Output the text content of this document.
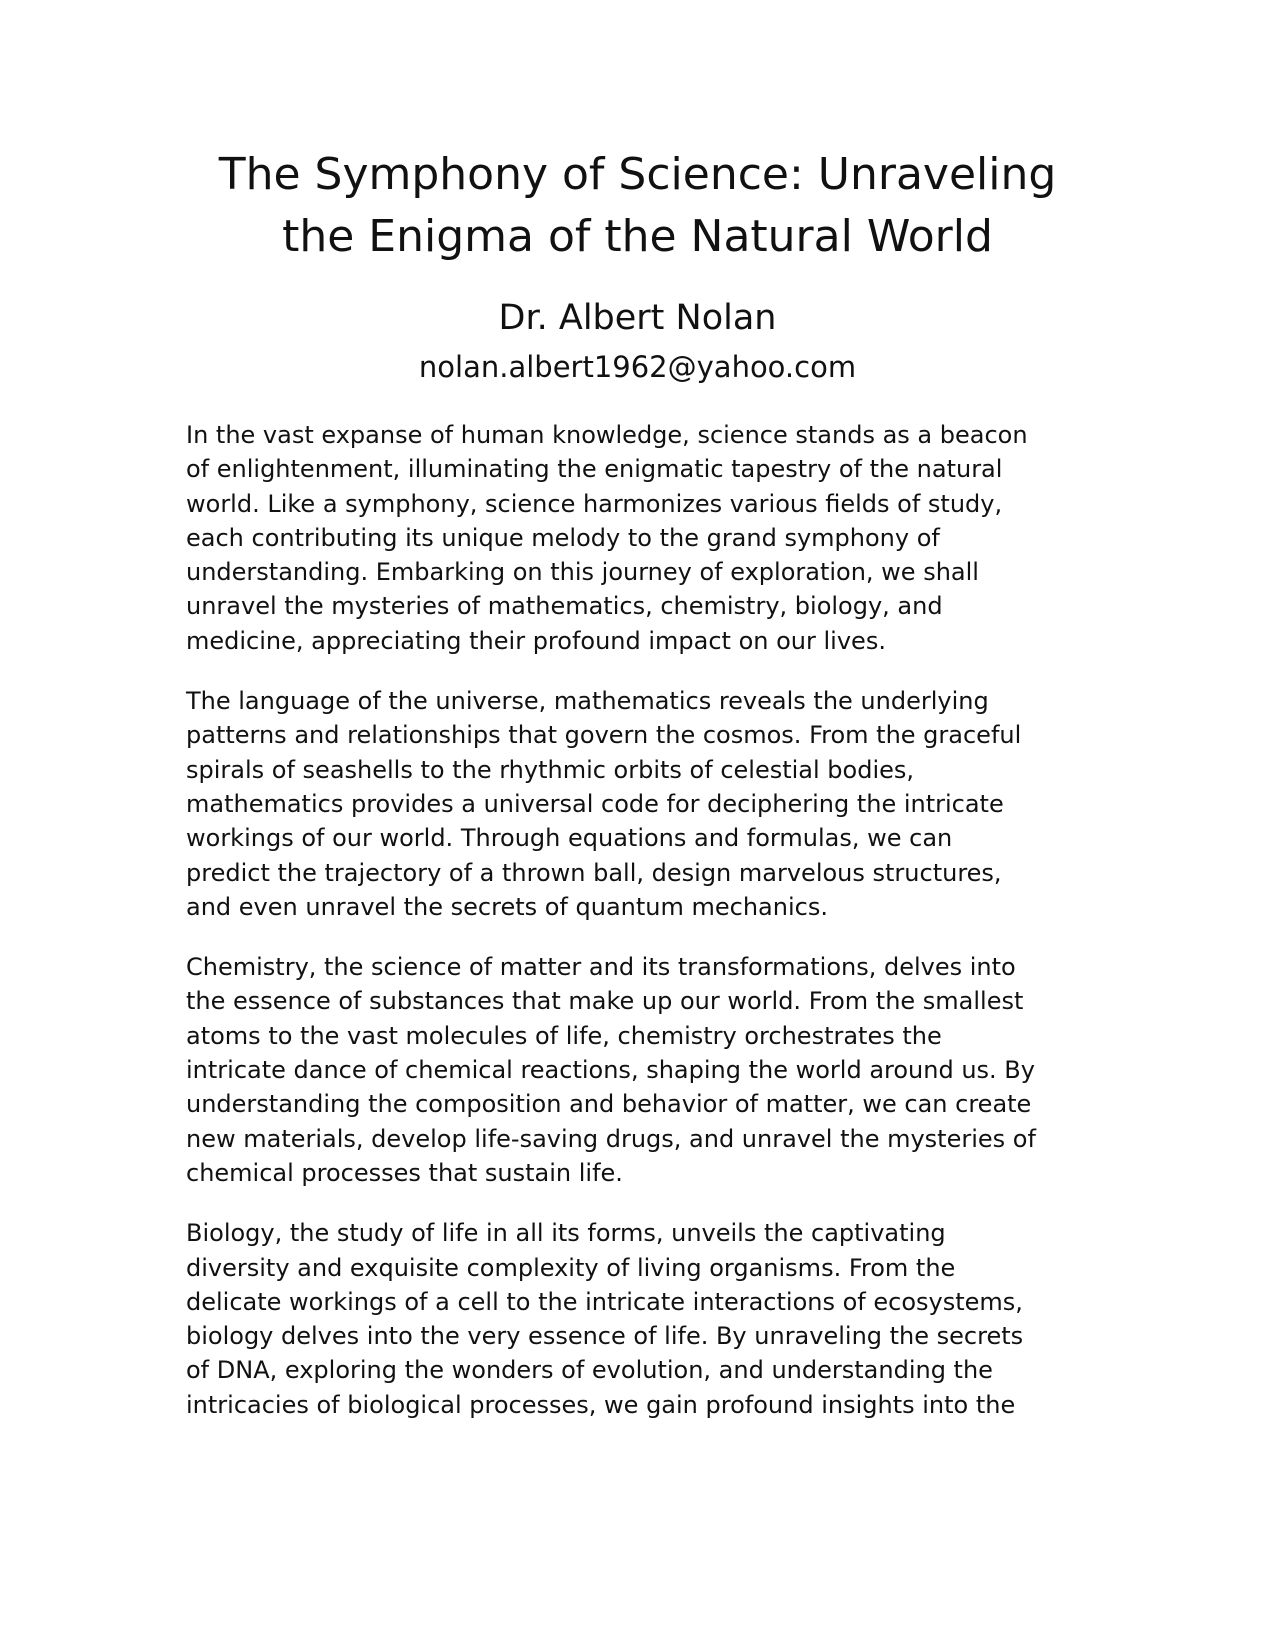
The Symphony of Science: Unraveling
the Enigma of the Natural World
Dr. Albert Nolan
nolan.albert1962@yahoo.com

In the vast expanse of human knowledge, science stands as a beacon
of enlightenment, illuminating the enigmatic tapestry of the natural
world. Like a symphony, science harmonizes various fields of study,
each contributing its unique melody to the grand symphony of
understanding. Embarking on this journey of exploration, we shall
unravel the mysteries of mathematics, chemistry, biology, and
medicine, appreciating their profound impact on our lives.

The language of the universe, mathematics reveals the underlying
patterns and relationships that govern the cosmos. From the graceful
spirals of seashells to the rhythmic orbits of celestial bodies,
mathematics provides a universal code for deciphering the intricate
workings of our world. Through equations and formulas, we can
predict the trajectory of a thrown ball, design marvelous structures,
and even unravel the secrets of quantum mechanics.

Chemistry, the science of matter and its transformations, delves into
the essence of substances that make up our world. From the smallest
atoms to the vast molecules of life, chemistry orchestrates the
intricate dance of chemical reactions, shaping the world around us. By
understanding the composition and behavior of matter, we can create
new materials, develop life-saving drugs, and unravel the mysteries of
chemical processes that sustain life.

Biology, the study of life in all its forms, unveils the captivating
diversity and exquisite complexity of living organisms. From the
delicate workings of a cell to the intricate interactions of ecosystems,
biology delves into the very essence of life. By unraveling the secrets
of DNA, exploring the wonders of evolution, and understanding the
intricacies of biological processes, we gain profound insights into the
